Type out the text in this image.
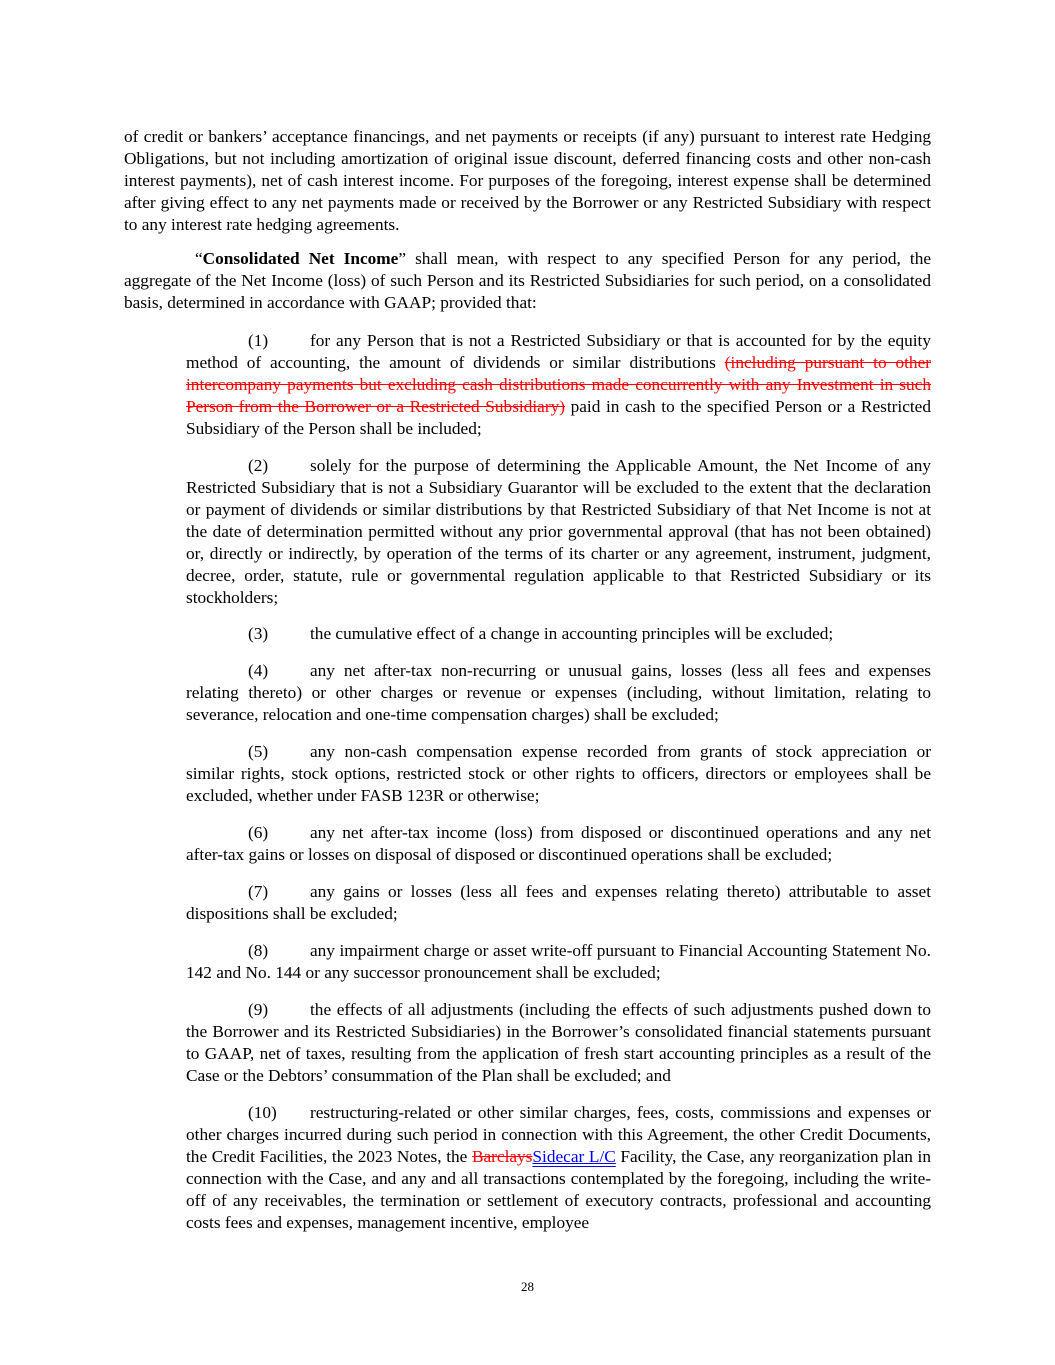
of credit or bankers’ acceptance financings, and net payments or receipts (if any) pursuant to interest rate Hedging Obligations, but not including amortization of original issue discount, deferred financing costs and other non-cash interest payments), net of cash interest income. For purposes of the foregoing, interest expense shall be determined after giving effect to any net payments made or received by the Borrower or any Restricted Subsidiary with respect to any interest rate hedging agreements.

“Consolidated Net Income” shall mean, with respect to any specified Person for any period, the aggregate of the Net Income (loss) of such Person and its Restricted Subsidiaries for such period, on a consolidated basis, determined in accordance with GAAP; provided that:

(1) for any Person that is not a Restricted Subsidiary or that is accounted for by the equity method of accounting, the amount of dividends or similar distributions (including pursuant to other intercompany payments but excluding cash distributions made concurrently with any Investment in such Person from the Borrower or a Restricted Subsidiary) paid in cash to the specified Person or a Restricted Subsidiary of the Person shall be included;

(2) solely for the purpose of determining the Applicable Amount, the Net Income of any Restricted Subsidiary that is not a Subsidiary Guarantor will be excluded to the extent that the declaration or payment of dividends or similar distributions by that Restricted Subsidiary of that Net Income is not at the date of determination permitted without any prior governmental approval (that has not been obtained) or, directly or indirectly, by operation of the terms of its charter or any agreement, instrument, judgment, decree, order, statute, rule or governmental regulation applicable to that Restricted Subsidiary or its stockholders;

(3) the cumulative effect of a change in accounting principles will be excluded;

(4) any net after-tax non-recurring or unusual gains, losses (less all fees and expenses relating thereto) or other charges or revenue or expenses (including, without limitation, relating to severance, relocation and one-time compensation charges) shall be excluded;

(5) any non-cash compensation expense recorded from grants of stock appreciation or similar rights, stock options, restricted stock or other rights to officers, directors or employees shall be excluded, whether under FASB 123R or otherwise;

(6) any net after-tax income (loss) from disposed or discontinued operations and any net after-tax gains or losses on disposal of disposed or discontinued operations shall be excluded;

(7) any gains or losses (less all fees and expenses relating thereto) attributable to asset dispositions shall be excluded;

(8) any impairment charge or asset write-off pursuant to Financial Accounting Statement No. 142 and No. 144 or any successor pronouncement shall be excluded;

(9) the effects of all adjustments (including the effects of such adjustments pushed down to the Borrower and its Restricted Subsidiaries) in the Borrower’s consolidated financial statements pursuant to GAAP, net of taxes, resulting from the application of fresh start accounting principles as a result of the Case or the Debtors’ consummation of the Plan shall be excluded; and

(10) restructuring-related or other similar charges, fees, costs, commissions and expenses or other charges incurred during such period in connection with this Agreement, the other Credit Documents, the Credit Facilities, the 2023 Notes, the BarclaysSidecar L/C Facility, the Case, any reorganization plan in connection with the Case, and any and all transactions contemplated by the foregoing, including the write-off of any receivables, the termination or settlement of executory contracts, professional and accounting costs fees and expenses, management incentive, employee

28
